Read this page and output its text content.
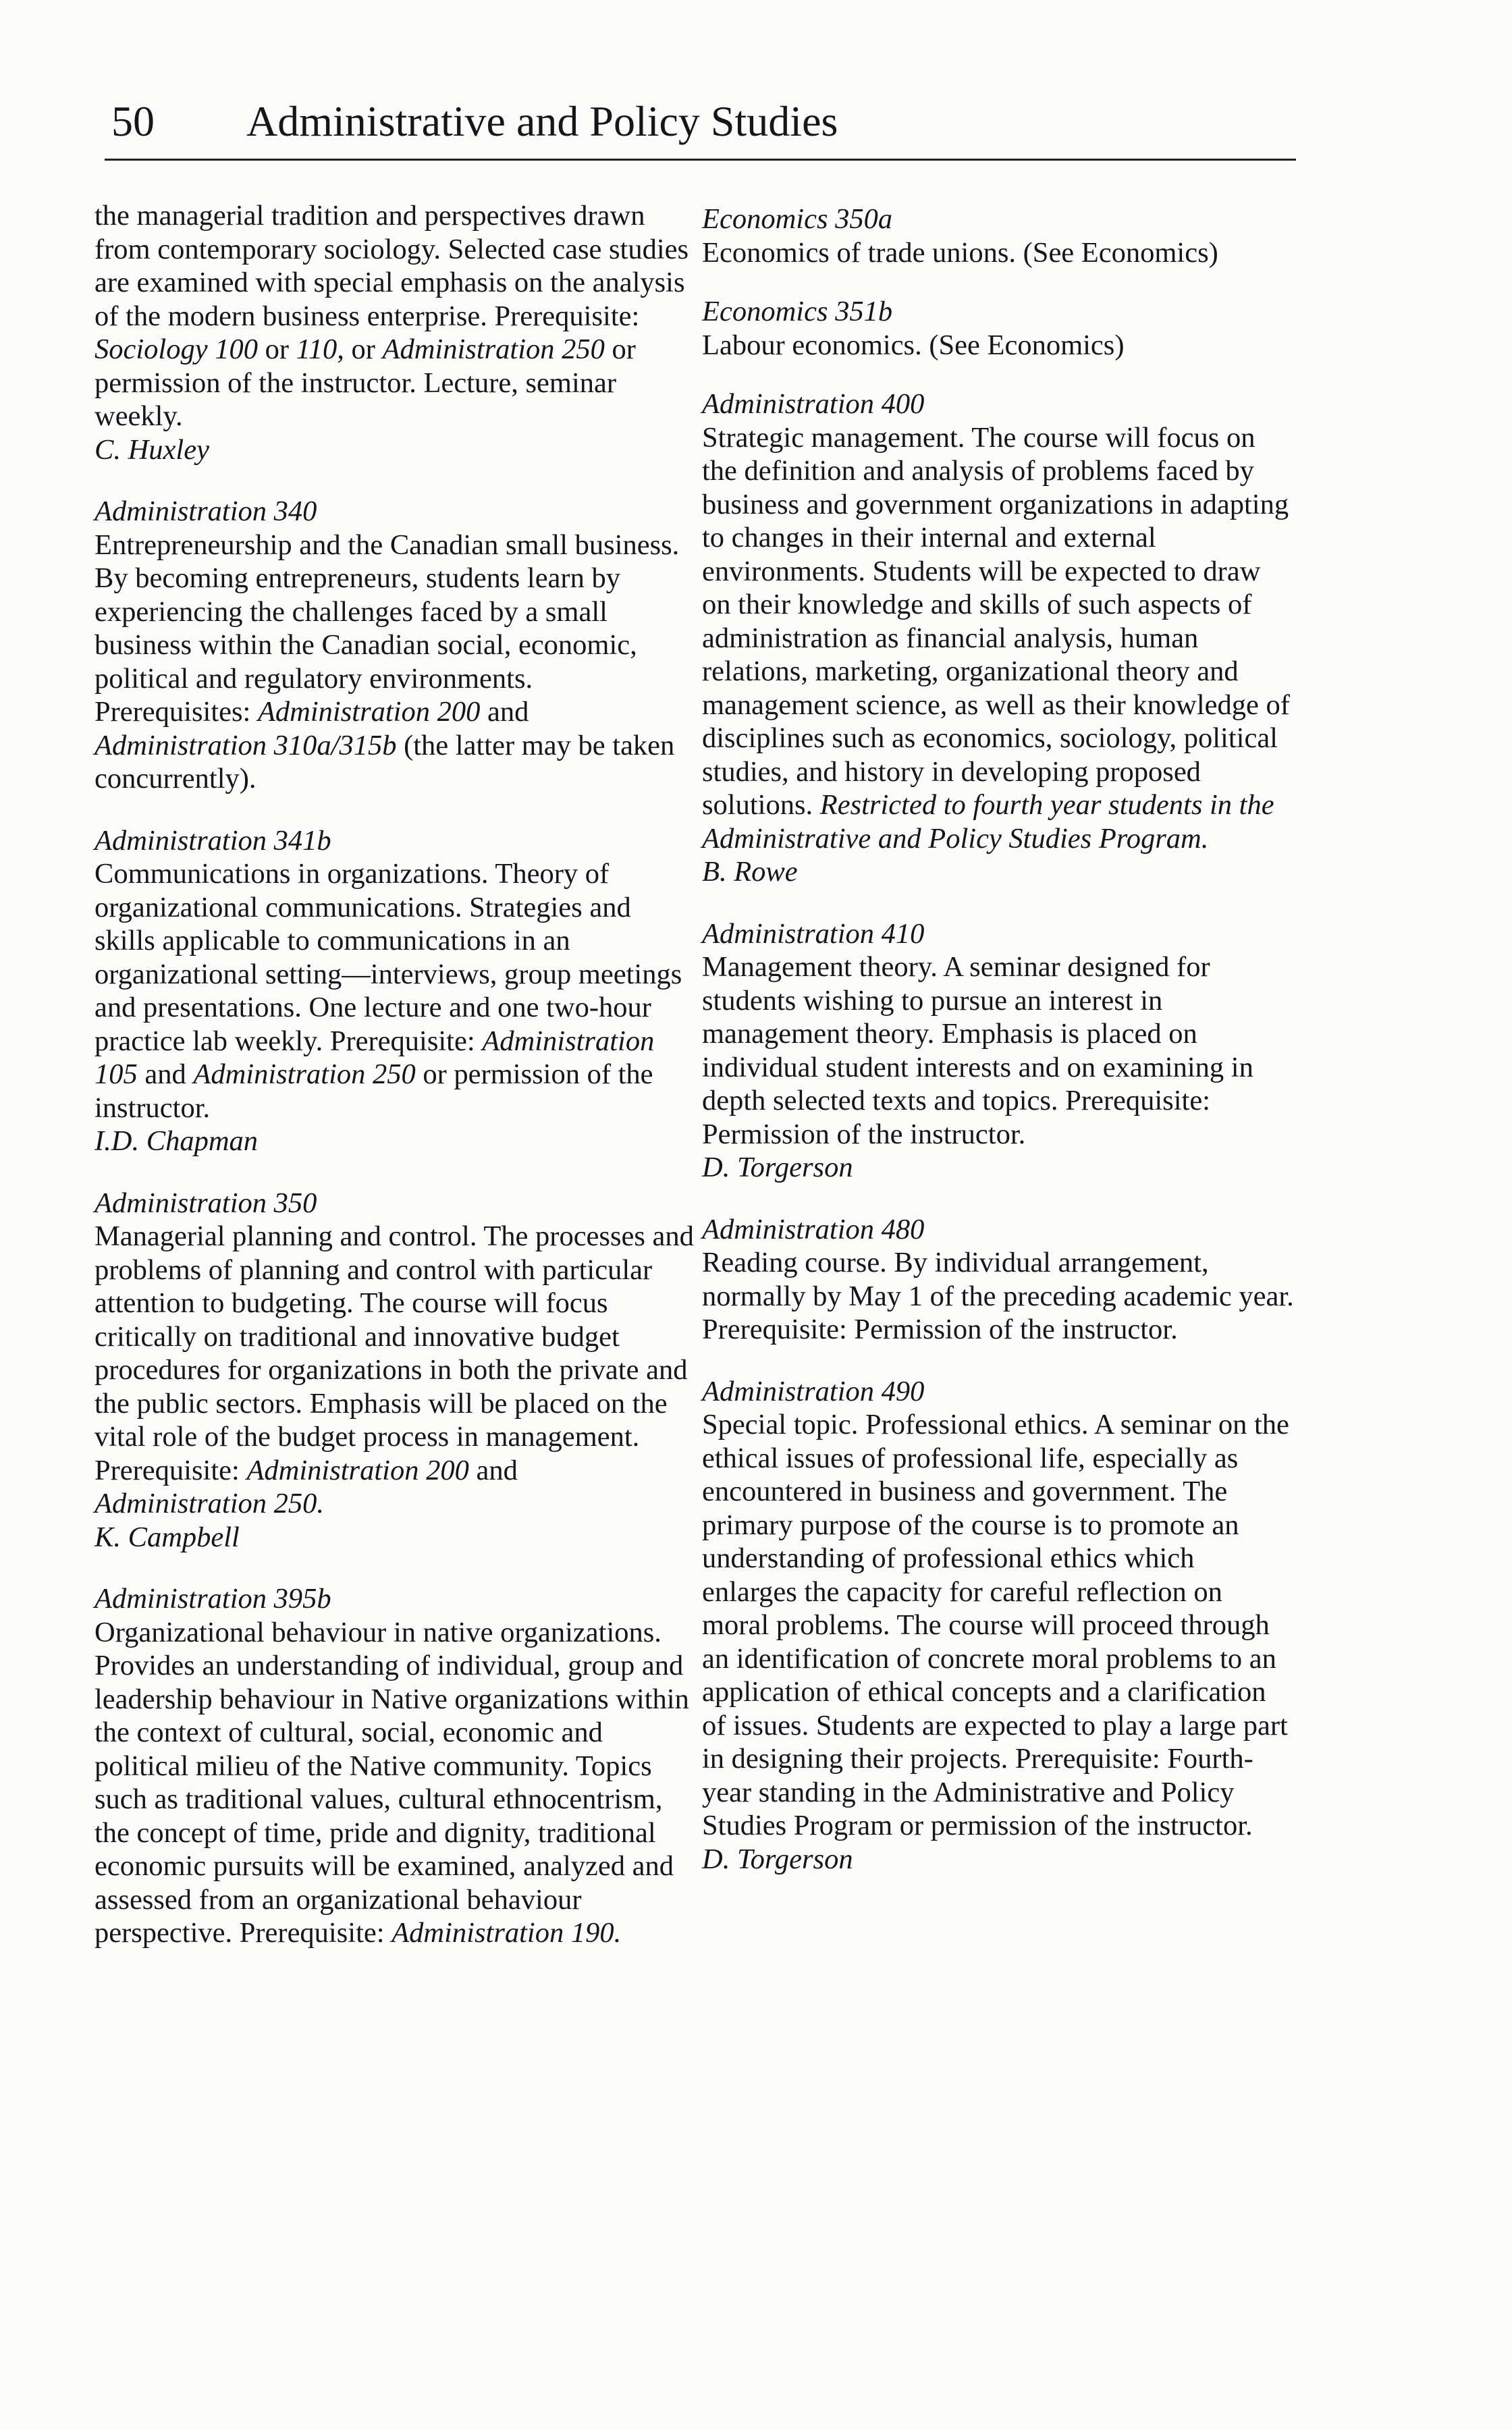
50 Administrative and Policy Studies

the managerial tradition and perspectives drawn from contemporary sociology. Selected case studies are examined with special emphasis on the analysis of the modern business enterprise. Prerequisite: Sociology 100 or 110, or Administration 250 or permission of the instructor. Lecture, seminar weekly.

C. Huxley

Administration 340

Entrepreneurship and the Canadian small business. By becoming entrepreneurs, students learn by experiencing the challenges faced by a small business within the Canadian social, economic, political and regulatory environments. Prerequisites: Administration 200 and Administration 310a/315b (the latter may be taken concurrently).

Administration 341b

Communications in organizations. Theory of organizational communications. Strategies and skills applicable to communications in an organizational setting—interviews, group meetings and presentations. One lecture and one two-hour practice lab weekly. Prerequisite: Administration 105 and Administration 250 or permission of the instructor.

I.D. Chapman

Administration 350

Managerial planning and control. The processes and problems of planning and control with particular attention to budgeting. The course will focus critically on traditional and innovative budget procedures for organizations in both the private and the public sectors. Emphasis will be placed on the vital role of the budget process in management. Prerequisite: Administration 200 and Administration 250.

K. Campbell

Administration 395b

Organizational behaviour in native organizations. Provides an understanding of individual, group and leadership behaviour in Native organizations within the context of cultural, social, economic and political milieu of the Native community. Topics such as traditional values, cultural ethnocentrism, the concept of time, pride and dignity, traditional economic pursuits will be examined, analyzed and assessed from an organizational behaviour perspective. Prerequisite: Administration 190.

Economics 350a

Economics of trade unions. (See Economics)

Economics 351b

Labour economics. (See Economics)

Administration 400

Strategic management. The course will focus on the definition and analysis of problems faced by business and government organizations in adapting to changes in their internal and external environments. Students will be expected to draw on their knowledge and skills of such aspects of administration as financial analysis, human relations, marketing, organizational theory and management science, as well as their knowledge of disciplines such as economics, sociology, political studies, and history in developing proposed solutions. Restricted to fourth year students in the Administrative and Policy Studies Program.

B. Rowe

Administration 410

Management theory. A seminar designed for students wishing to pursue an interest in management theory. Emphasis is placed on individual student interests and on examining in depth selected texts and topics. Prerequisite: Permission of the instructor.

D. Torgerson

Administration 480

Reading course. By individual arrangement, normally by May 1 of the preceding academic year. Prerequisite: Permission of the instructor.

Administration 490

Special topic. Professional ethics. A seminar on the ethical issues of professional life, especially as encountered in business and government. The primary purpose of the course is to promote an understanding of professional ethics which enlarges the capacity for careful reflection on moral problems. The course will proceed through an identification of concrete moral problems to an application of ethical concepts and a clarification of issues. Students are expected to play a large part in designing their projects. Prerequisite: Fourth-year standing in the Administrative and Policy Studies Program or permission of the instructor.

D. Torgerson
